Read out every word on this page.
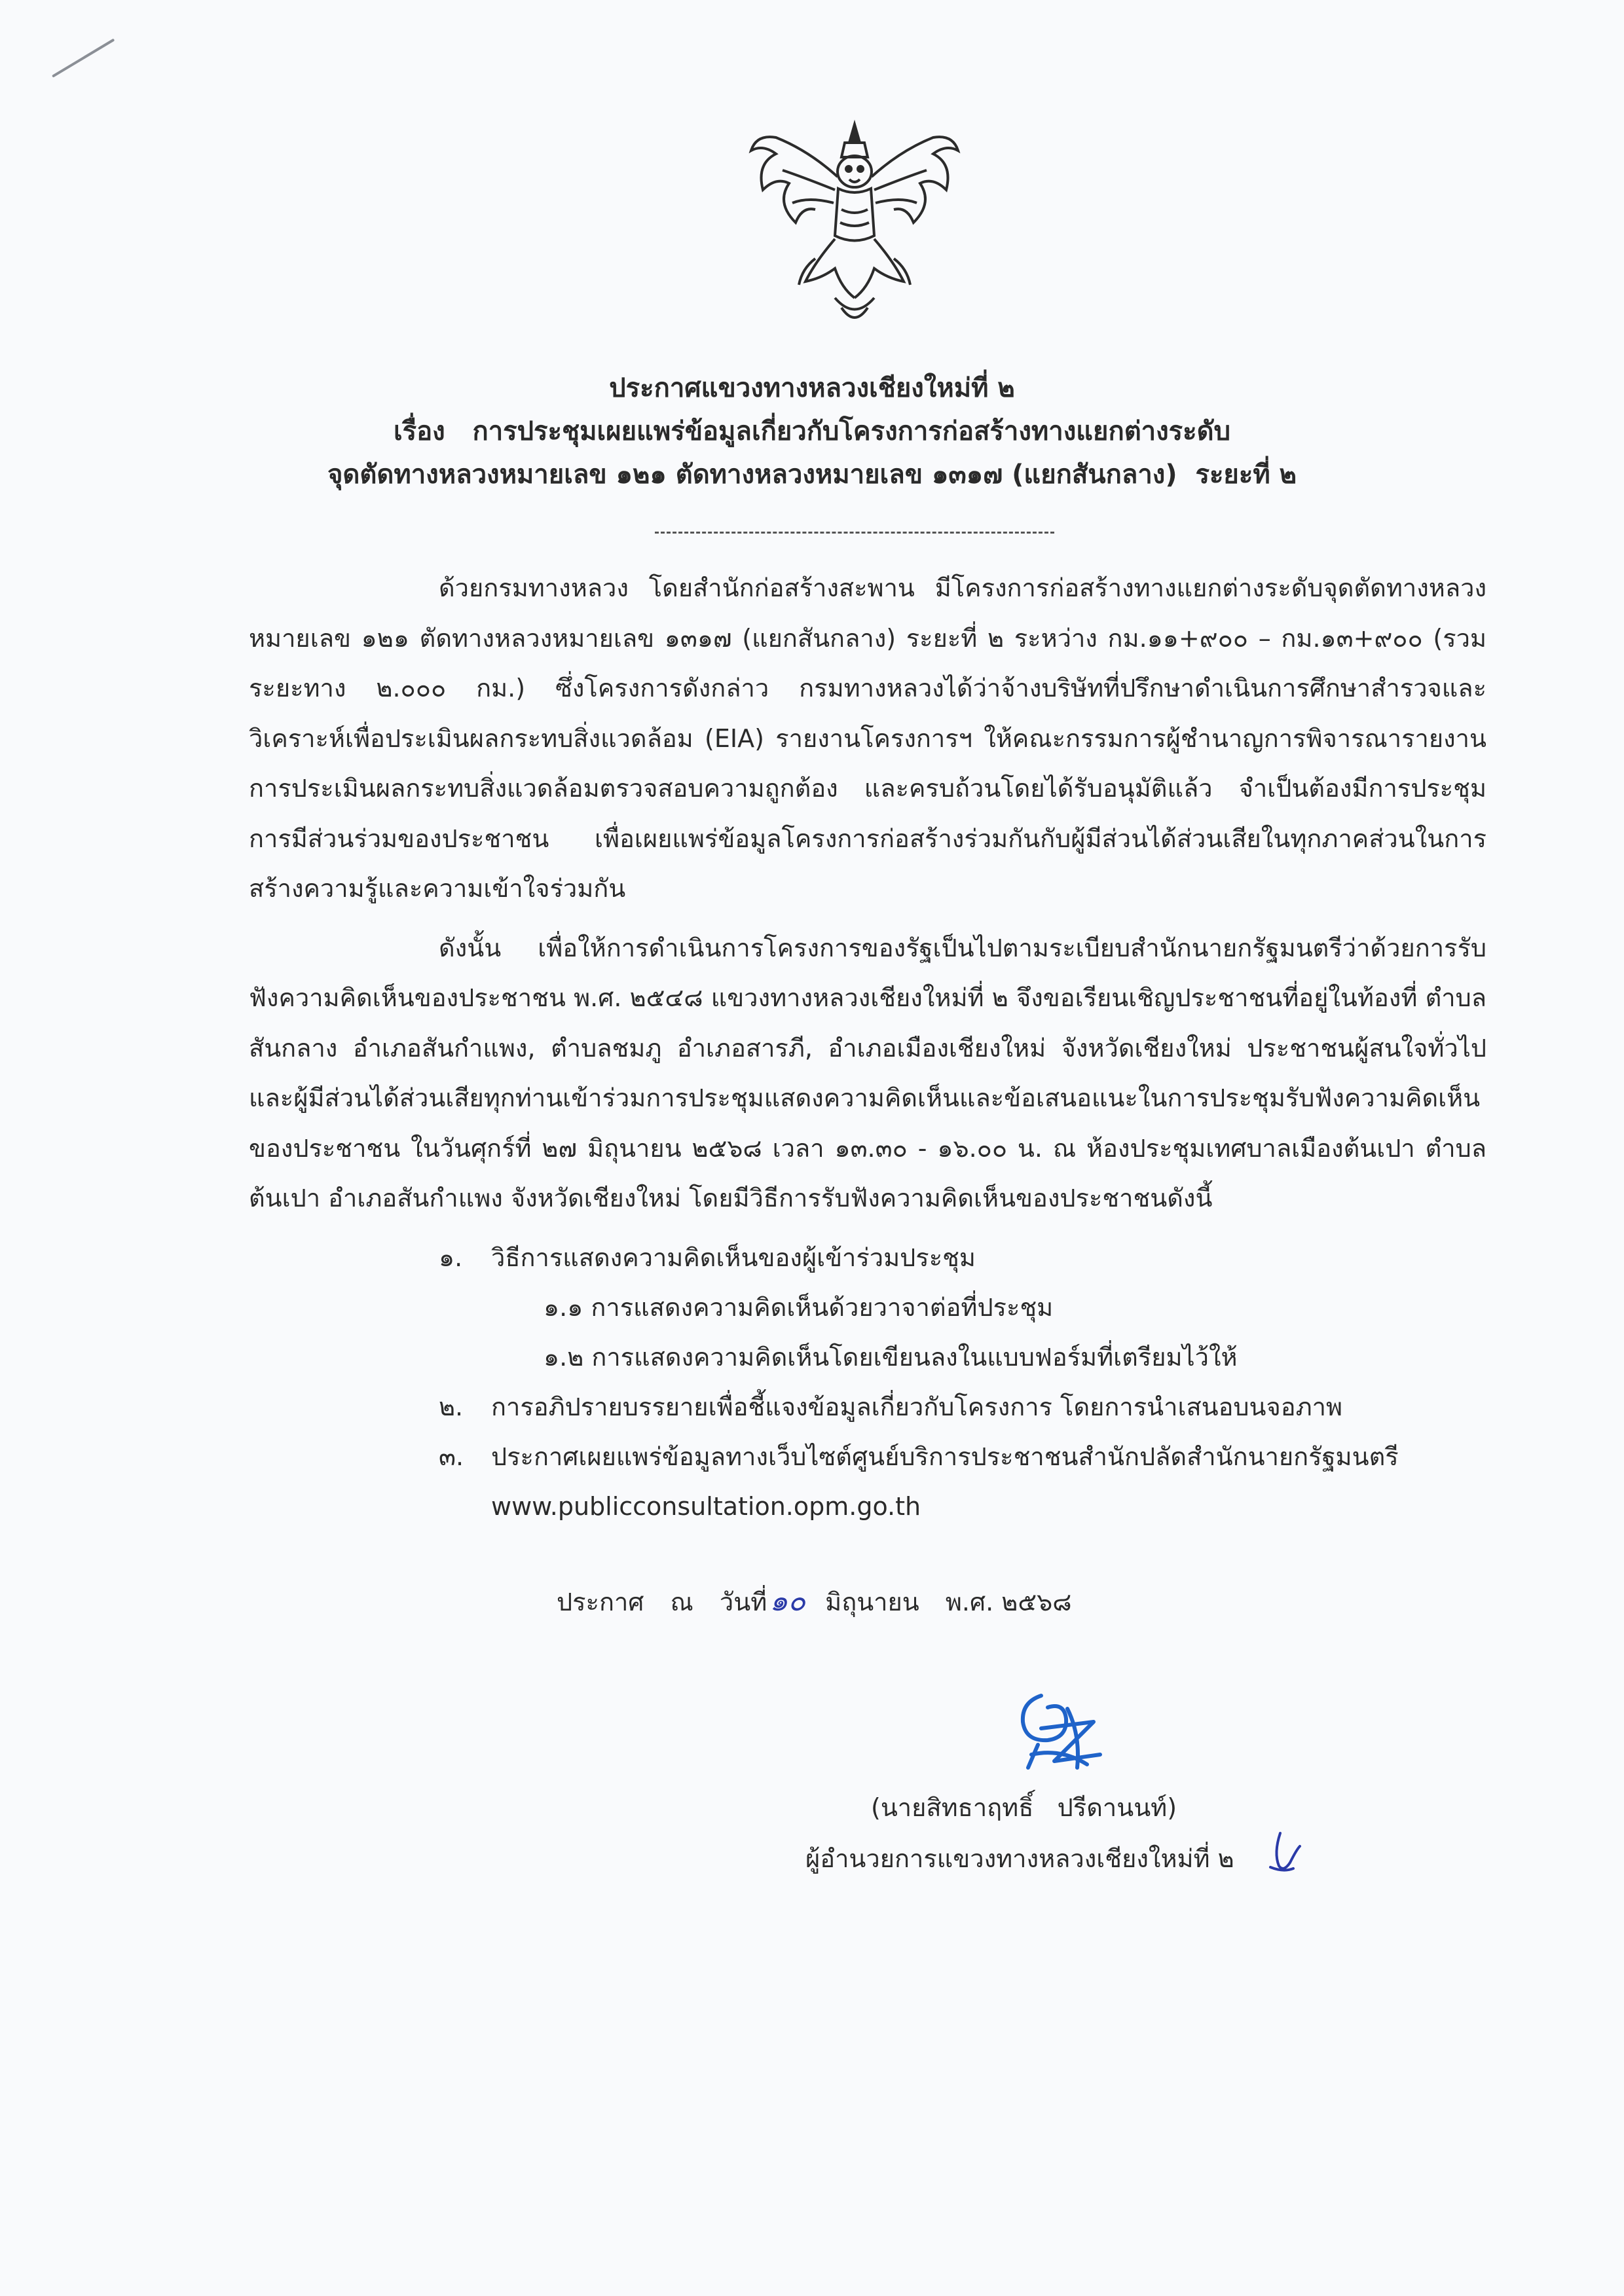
ประกาศแขวงทางหลวงเชียงใหม่ที่ ๒
เรื่อง   การประชุมเผยแพร่ข้อมูลเกี่ยวกับโครงการก่อสร้างทางแยกต่างระดับ
จุดตัดทางหลวงหมายเลข ๑๒๑ ตัดทางหลวงหมายเลข ๑๓๑๗ (แยกสันกลาง)  ระยะที่ ๒

ด้วยกรมทางหลวง โดยสำนักก่อสร้างสะพาน มีโครงการก่อสร้างทางแยกต่างระดับจุดตัดทางหลวงหมายเลข ๑๒๑ ตัดทางหลวงหมายเลข ๑๓๑๗ (แยกสันกลาง) ระยะที่ ๒ ระหว่าง กม.๑๑+๙๐๐ – กม.๑๓+๙๐๐ (รวมระยะทาง ๒.๐๐๐ กม.) ซึ่งโครงการดังกล่าว กรมทางหลวงได้ว่าจ้างบริษัทที่ปรึกษาดำเนินการศึกษาสำรวจและวิเคราะห์เพื่อประเมินผลกระทบสิ่งแวดล้อม (EIA) รายงานโครงการฯ ให้คณะกรรมการผู้ชำนาญการพิจารณารายงานการประเมินผลกระทบสิ่งแวดล้อมตรวจสอบความถูกต้อง และครบถ้วนโดยได้รับอนุมัติแล้ว จำเป็นต้องมีการประชุมการมีส่วนร่วมของประชาชน เพื่อเผยแพร่ข้อมูลโครงการก่อสร้างร่วมกันกับผู้มีส่วนได้ส่วนเสียในทุกภาคส่วนในการสร้างความรู้และความเข้าใจร่วมกัน

ดังนั้น เพื่อให้การดำเนินการโครงการของรัฐเป็นไปตามระเบียบสำนักนายกรัฐมนตรีว่าด้วยการรับฟังความคิดเห็นของประชาชน พ.ศ. ๒๕๔๘ แขวงทางหลวงเชียงใหม่ที่ ๒ จึงขอเรียนเชิญประชาชนที่อยู่ในท้องที่ ตำบลสันกลาง อำเภอสันกำแพง, ตำบลชมภู อำเภอสารภี, อำเภอเมืองเชียงใหม่ จังหวัดเชียงใหม่ ประชาชนผู้สนใจทั่วไป และผู้มีส่วนได้ส่วนเสียทุกท่านเข้าร่วมการประชุมแสดงความคิดเห็นและข้อเสนอแนะในการประชุมรับฟังความคิดเห็นของประชาชน ในวันศุกร์ที่ ๒๗ มิถุนายน ๒๕๖๘ เวลา ๑๓.๓๐ - ๑๖.๐๐ น. ณ ห้องประชุมเทศบาลเมืองต้นเปา ตำบลต้นเปา อำเภอสันกำแพง จังหวัดเชียงใหม่ โดยมีวิธีการรับฟังความคิดเห็นของประชาชนดังนี้

๑. วิธีการแสดงความคิดเห็นของผู้เข้าร่วมประชุม
๑.๑ การแสดงความคิดเห็นด้วยวาจาต่อที่ประชุม
๑.๒ การแสดงความคิดเห็นโดยเขียนลงในแบบฟอร์มที่เตรียมไว้ให้
๒. การอภิปรายบรรยายเพื่อชี้แจงข้อมูลเกี่ยวกับโครงการ โดยการนำเสนอบนจอภาพ
๓. ประกาศเผยแพร่ข้อมูลทางเว็บไซต์ศูนย์บริการประชาชนสำนักปลัดสำนักนายกรัฐมนตรี
www.publicconsultation.opm.go.th
ประกาศ ณ วันที่๑๐ มิถุนายน พ.ศ. ๒๕๖๘
(นายสิทธาฤทธิ์   ปรีดานนท์)
ผู้อำนวยการแขวงทางหลวงเชียงใหม่ที่ ๒
